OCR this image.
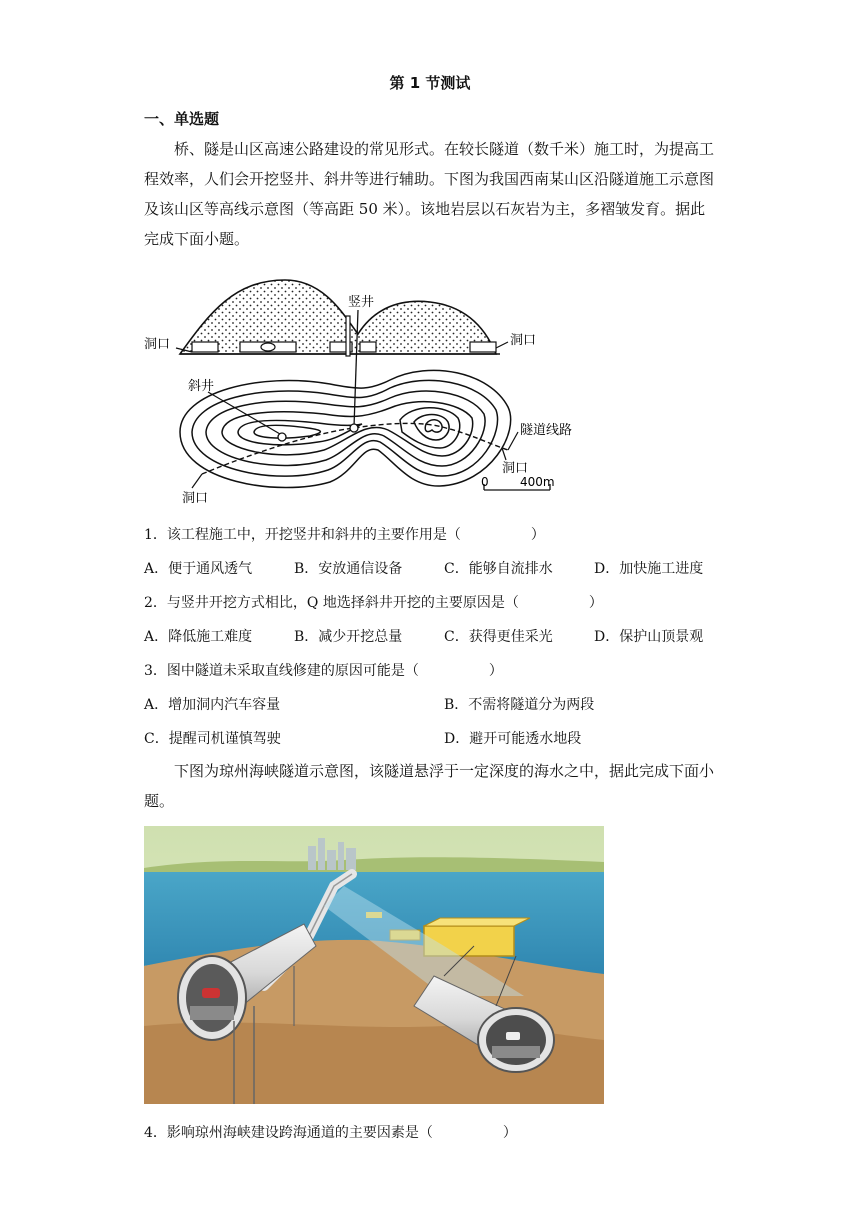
第 1 节测试
一、单选题
桥、隧是山区高速公路建设的常见形式。在较长隧道（数千米）施工时，为提高工程效率，人们会开挖竖井、斜井等进行辅助。下图为我国西南某山区沿隧道施工示意图及该山区等高线示意图（等高距 50 米）。该地岩层以石灰岩为主，多褶皱发育。据此完成下面小题。
竖井
洞口	洞口
斜井
隧道线路
洞口
洞口
0	400m
1．该工程施工中，开挖竖井和斜井的主要作用是（　　　　　）
A．便于通风透气	B．安放通信设备	C．能够自流排水	D．加快施工进度
2．与竖井开挖方式相比，Q 地选择斜井开挖的主要原因是（　　　　　）
A．降低施工难度	B．减少开挖总量	C．获得更佳采光	D．保护山顶景观
3．图中隧道未采取直线修建的原因可能是（　　　　　）
A．增加洞内汽车容量	B．不需将隧道分为两段
C．提醒司机谨慎驾驶	D．避开可能透水地段
下图为琼州海峡隧道示意图，该隧道悬浮于一定深度的海水之中，据此完成下面小题。
4．影响琼州海峡建设跨海通道的主要因素是（　　　　　）
